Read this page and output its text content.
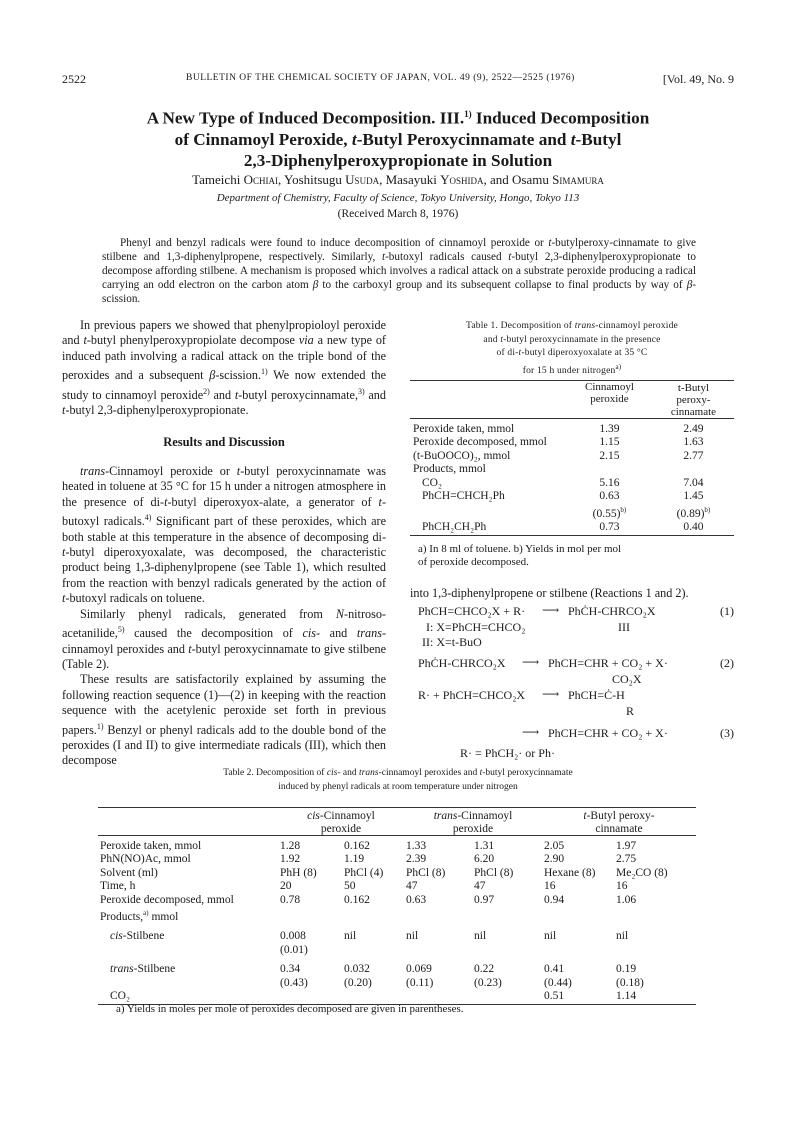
2522	BULLETIN OF THE CHEMICAL SOCIETY OF JAPAN, VOL. 49 (9), 2522—2525 (1976)	[Vol. 49, No. 9
A New Type of Induced Decomposition. III.$^{1)}$ Induced Decomposition
of Cinnamoyl Peroxide, t-Butyl Peroxycinnamate and t-Butyl
2,3-Diphenylperoxypropionate in Solution
Tameichi Ochiai, Yoshitsugu Usuda, Masayuki Yoshida, and Osamu Simamura
Department of Chemistry, Faculty of Science, Tokyo University, Hongo, Tokyo 113
(Received March 8, 1976)
Phenyl and benzyl radicals were found to induce decomposition of cinnamoyl peroxide or t-butylperoxy-cinnamate to give stilbene and 1,3-diphenylpropene, respectively. Similarly, t-butoxyl radicals caused t-butyl 2,3-diphenylperoxypropionate to decompose affording stilbene. A mechanism is proposed which involves a radical attack on a substrate peroxide producing a radical carrying an odd electron on the carbon atom β to the carboxyl group and its subsequent collapse to final products by way of β-scission.

In previous papers we showed that phenylpropioloyl peroxide and t-butyl phenylperoxypropiolate decompose via a new type of induced path involving a radical attack on the triple bond of the peroxides and a subsequent β-scission.$^{1)}$ We now extended the study to cinnamoyl peroxide$^{2)}$ and t-butyl peroxycinnamate,$^{3)}$ and t-butyl 2,3-diphenylperoxypropionate.

Results and Discussion

trans-Cinnamoyl peroxide or t-butyl peroxycinnamate was heated in toluene at 35 °C for 15 h under a nitrogen atmosphere in the presence of di-t-butyl diperoxyox-alate, a generator of t-butoxyl radicals.$^{4)}$ Significant part of these peroxides, which are both stable at this temperature in the absence of decomposing di-t-butyl diperoxyoxalate, was decomposed, the characteristic product being 1,3-diphenylpropene (see Table 1), which resulted from the reaction with benzyl radicals generated by the action of t-butoxyl radicals on toluene.

Similarly phenyl radicals, generated from N-nitroso-acetanilide,$^{5)}$ caused the decomposition of cis- and trans-cinnamoyl peroxides and t-butyl peroxycinnamate to give stilbene (Table 2).

These results are satisfactorily explained by assuming the following reaction sequence (1)—(2) in keeping with the reaction sequence with the acetylenic peroxide set forth in previous papers.$^{1)}$ Benzyl or phenyl radicals add to the double bond of the peroxides (I and II) to give intermediate radicals (III), which then decompose

Table 1. Decomposition of trans-cinnamoyl peroxide
and t-butyl peroxycinnamate in the presence
of di-t-butyl diperoxyoxalate at 35 °C
for 15 h under nitrogen$^{a)}$
	Cinnamoyl
peroxide	t-Butyl
peroxy-
cinnamate

Peroxide taken, mmol	1.39	2.49
Peroxide decomposed, mmol	1.15	1.63
(t-BuOOCO)₂, mmol	2.15	2.77
Products, mmol		
CO₂	5.16	7.04
PhCH=CHCH₂Ph	0.63	1.45
	$(0.55)^{b)}$	$(0.89)^{b)}$
PhCH₂CH₂Ph	0.73	0.40
a) In 8 ml of toluene. b) Yields in mol per mol
of peroxide decomposed.
into 1,3-diphenylpropene or stilbene (Reactions 1 and 2).
PhCH=CHCO₂X + R· ⟶ PhĊH-CHRCO₂X	(1)
I: X=PhCH=CHCO₂	III
II: X=t-BuO
PhĊH-CHRCO₂X ⟶ PhCH=CHR + CO₂ + X·	(2)
CO₂X
R· + PhCH=CHCO₂X ⟶ PhCH=Ċ-H
R
⟶ PhCH=CHR + CO₂ + X·	(3)
R· = PhCH₂· or Ph·
Table 2. Decomposition of cis- and trans-cinnamoyl peroxides and t-butyl peroxycinnamate
induced by phenyl radicals at room temperature under nitrogen
	cis-Cinnamoyl
peroxide		trans-Cinnamoyl
peroxide		t-Butyl peroxy-
cinnamate	

Peroxide taken, mmol	1.28	0.162	1.33	1.31	2.05	1.97
PhN(NO)Ac, mmol	1.92	1.19	2.39	6.20	2.90	2.75
Solvent (ml)	PhH (8)	PhCl (4)	PhCl (8)	PhCl (8)	Hexane (8)	Me₂CO (8)
Time, h	20	50	47	47	16	16
Peroxide decomposed, mmol	0.78	0.162	0.63	0.97	0.94	1.06
Products,$^{a)}$ mmol						

cis-Stilbene	0.008	nil	nil	nil	nil	nil
	(0.01)					

trans-Stilbene	0.34	0.032	0.069	0.22	0.41	0.19
	(0.43)	(0.20)	(0.11)	(0.23)	(0.44)	(0.18)
CO₂					0.51	1.14
a) Yields in moles per mole of peroxides decomposed are given in parentheses.
